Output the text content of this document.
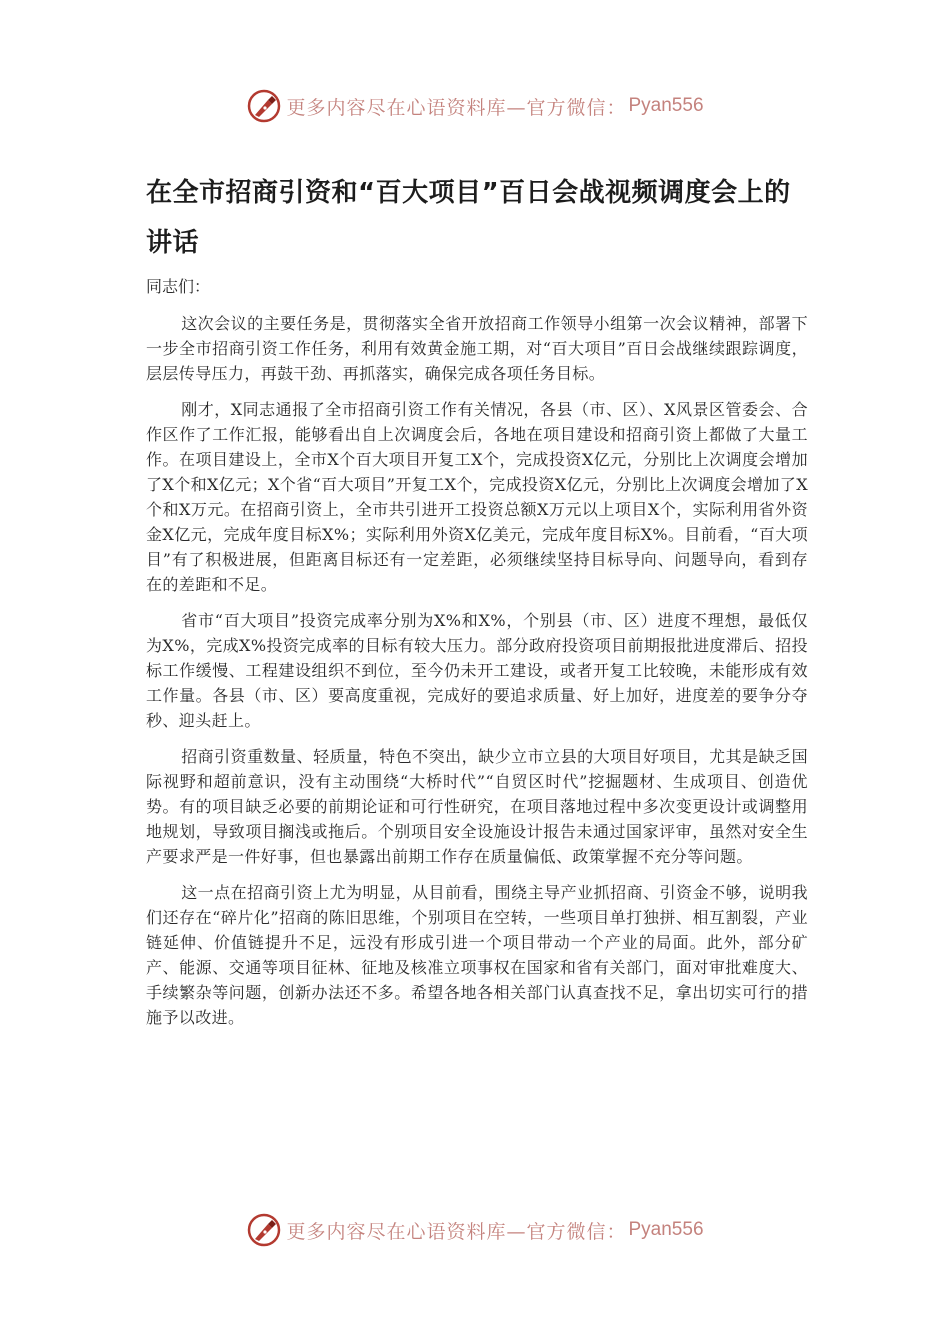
更多内容尽在心语资料库—官方微信： Pyan556
在全市招商引资和“百大项目”百日会战视频调度会上的讲话

同志们：

这次会议的主要任务是，贯彻落实全省开放招商工作领导小组第一次会议精神，部署下一步全市招商引资工作任务，利用有效黄金施工期，对“百大项目”百日会战继续跟踪调度，层层传导压力，再鼓干劲、再抓落实，确保完成各项任务目标。

刚才，X同志通报了全市招商引资工作有关情况，各县（市、区）、X风景区管委会、合作区作了工作汇报，能够看出自上次调度会后，各地在项目建设和招商引资上都做了大量工作。在项目建设上，全市X个百大项目开复工X个，完成投资X亿元，分别比上次调度会增加了X个和X亿元；X个省“百大项目”开复工X个，完成投资X亿元，分别比上次调度会增加了X个和X万元。在招商引资上，全市共引进开工投资总额X万元以上项目X个，实际利用省外资金X亿元，完成年度目标X%；实际利用外资X亿美元，完成年度目标X%。目前看，“百大项目”有了积极进展，但距离目标还有一定差距，必须继续坚持目标导向、问题导向，看到存在的差距和不足。

省市“百大项目”投资完成率分别为X%和X%，个别县（市、区）进度不理想，最低仅为X%，完成X%投资完成率的目标有较大压力。部分政府投资项目前期报批进度滞后、招投标工作缓慢、工程建设组织不到位，至今仍未开工建设，或者开复工比较晚，未能形成有效工作量。各县（市、区）要高度重视，完成好的要追求质量、好上加好，进度差的要争分夺秒、迎头赶上。

招商引资重数量、轻质量，特色不突出，缺少立市立县的大项目好项目，尤其是缺乏国际视野和超前意识，没有主动围绕“大桥时代”“自贸区时代”挖掘题材、生成项目、创造优势。有的项目缺乏必要的前期论证和可行性研究，在项目落地过程中多次变更设计或调整用地规划，导致项目搁浅或拖后。个别项目安全设施设计报告未通过国家评审，虽然对安全生产要求严是一件好事，但也暴露出前期工作存在质量偏低、政策掌握不充分等问题。

这一点在招商引资上尤为明显，从目前看，围绕主导产业抓招商、引资金不够，说明我们还存在“碎片化”招商的陈旧思维，个别项目在空转，一些项目单打独拼、相互割裂，产业链延伸、价值链提升不足，远没有形成引进一个项目带动一个产业的局面。此外，部分矿产、能源、交通等项目征林、征地及核准立项事权在国家和省有关部门，面对审批难度大、手续繁杂等问题，创新办法还不多。希望各地各相关部门认真查找不足，拿出切实可行的措施予以改进。

更多内容尽在心语资料库—官方微信： Pyan556
